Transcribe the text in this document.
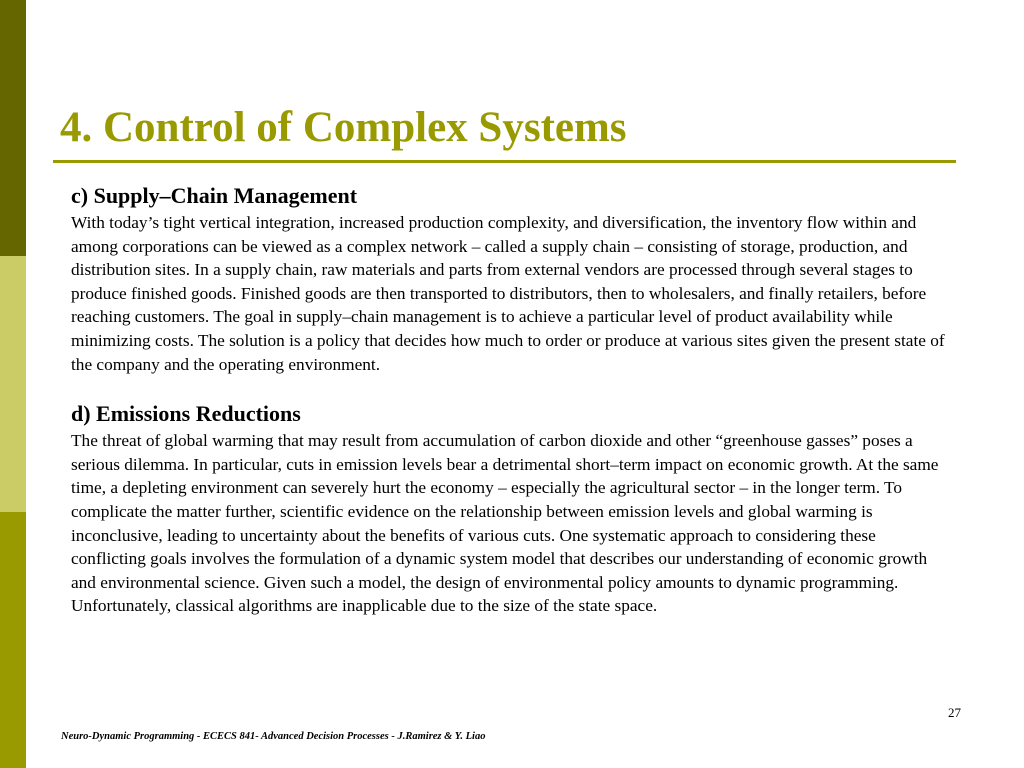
4. Control of Complex Systems
c) Supply–Chain Management

With today’s tight vertical integration, increased production complexity, and diversification, the inventory flow within and among corporations can be viewed as a complex network – called a supply chain – consisting of storage, production, and distribution sites. In a supply chain, raw materials and parts from external vendors are processed through several stages to produce finished goods. Finished goods are then transported to distributors, then to wholesalers, and finally retailers, before reaching customers. The goal in supply–chain management is to achieve a particular level of product availability while minimizing costs. The solution is a policy that decides how much to order or produce at various sites given the present state of the company and the operating environment.

d) Emissions Reductions

The threat of global warming that may result from accumulation of carbon dioxide and other “greenhouse gasses” poses a serious dilemma. In particular, cuts in emission levels bear a detrimental short–term impact on economic growth. At the same time, a depleting environment can severely hurt the economy – especially the agricultural sector – in the longer term. To complicate the matter further, scientific evidence on the relationship between emission levels and global warming is inconclusive, leading to uncertainty about the benefits of various cuts. One systematic approach to considering these conflicting goals involves the formulation of a dynamic system model that describes our understanding of economic growth and environmental science. Given such a model, the design of environmental policy amounts to dynamic programming. Unfortunately, classical algorithms are inapplicable due to the size of the state space.

27
Neuro-Dynamic Programming - ECECS 841- Advanced Decision Processes - J.Ramirez & Y. Liao
